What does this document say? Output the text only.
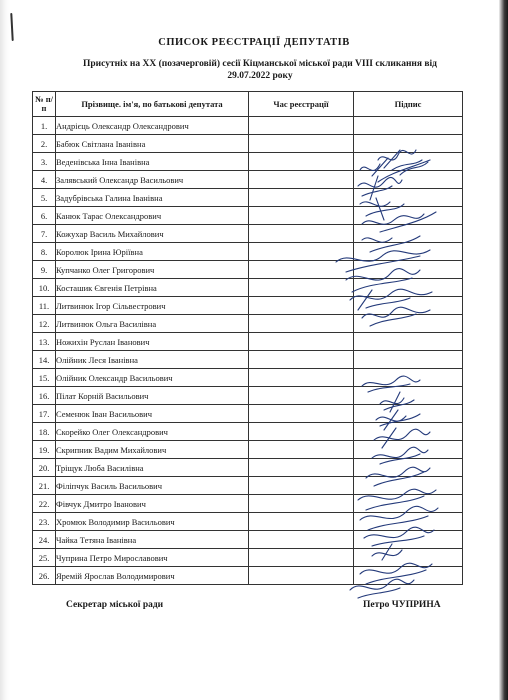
СПИСОК РЕЄСТРАЦІЇ ДЕПУТАТІВ
Присутніх на XX (позачерговій) сесії Кіцманської міської ради VIII скликання від
29.07.2022 року
№ п/п	Прізвище. ім'я, по батькові депутата	Час реєстрації	Підпис
1.	Андрієць Олександр Олександрович		
2.	Бабюк Світлана Іванівна		
3.	Веденівська Інна Іванівна		
4.	Залявський Олександр Васильович		
5.	Задубрівська Галина Іванівна		
6.	Канюк Тарас Олександрович		
7.	Кожухар Василь Михайлович		
8.	Королюк Ірина Юріївна		
9.	Купчанко Олег Григорович		
10.	Косташик Євгенія Петрівна		
11.	Литвинюк Ігор Сільвестрович		
12.	Литвинюк Ольга Василівна		
13.	Ножихін Руслан Іванович		
14.	Олійник Леся Іванівна		
15.	Олійник Олександр Васильович		
16.	Пілат Корній Васильович		
17.	Семенюк Іван Васильович		
18.	Скорейко Олег Олександрович		
19.	Скрипник Вадим Михайлович		
20.	Тріщук Люба Василівна		
21.	Філіпчук Василь Васильович		
22.	Фівчук Дмитро Іванович		
23.	Хромюк Володимир Васильович		
24.	Чайка Тетяна Іванівна		
25.	Чуприна Петро Мирославович		
26.	Яремій Ярослав Володимирович		
Секретар міської ради	Петро ЧУПРИНА
